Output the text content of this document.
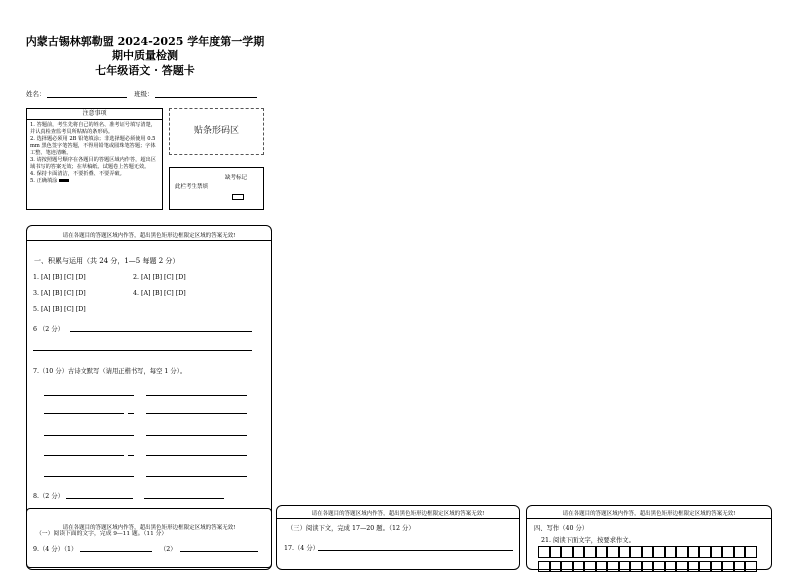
内蒙古锡林郭勒盟 2024-2025 学年度第一学期
期中质量检测
七年级语文 · 答题卡
姓名：	班级：
注意事项

1. 答题前，考生先将自己的姓名、准考证号填写清楚，并认真检查监考员所粘贴的条形码。

2. 选择题必须用 2B 铅笔填涂；非选择题必须使用 0.5 mm 黑色签字笔答题，不得用铅笔或圆珠笔答题；字体工整、笔迹清晰。

3. 请按照题号顺序在各题目的答题区域内作答，超出区域书写的答案无效；在草稿纸、试题卷上答题无效。

4. 保持卡面清洁，不要折叠、不要弄破。

5. 正确填涂

贴条形码区
缺考标记
此栏考生禁填
请在各题目的答题区域内作答，超出黑色矩形边框限定区域的答案无效!
一、积累与运用（共 24 分，1—5 每题 2 分）
1. [A] [B] [C] [D]	2. [A] [B] [C] [D]
3. [A] [B] [C] [D]	4. [A] [B] [C] [D]
5. [A] [B] [C] [D]
6 （2 分）
7.（10 分）古诗文默写（请用正楷书写，每空 1 分）。
8.（2 分）
请在各题目的答题区域内作答，超出黑色矩形边框限定区域的答案无效!
（一）阅读下面的文字，完成 9—11 题。（11 分）
9.（4 分）（1）	（2）
请在各题目的答题区域内作答，超出黑色矩形边框限定区域的答案无效!
（三）阅读下文，完成 17—20 题。（12 分）
17.（4 分）
请在各题目的答题区域内作答，超出黑色矩形边框限定区域的答案无效!
四、写作（40 分）
21. 阅读下面文字，按要求作文。
